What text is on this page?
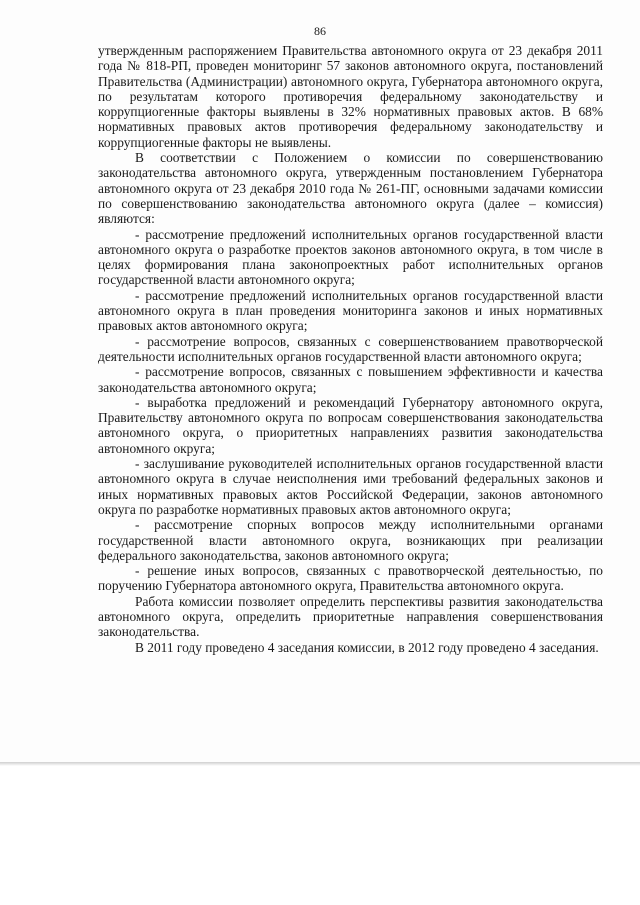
86

утвержденным распоряжением Правительства автономного округа от 23 декабря 2011 года № 818-РП, проведен мониторинг 57 законов автономного округа, постановлений Правительства (Администрации) автономного округа, Губернатора автономного округа, по результатам которого противоречия федеральному законодательству и коррупциогенные факторы выявлены в 32% нормативных правовых актов. В 68% нормативных правовых актов противоречия федеральному законодательству и коррупциогенные факторы не выявлены.

В соответствии с Положением о комиссии по совершенствованию законодательства автономного округа, утвержденным постановлением Губернатора автономного округа от 23 декабря 2010 года № 261-ПГ, основными задачами комиссии по совершенствованию законодательства автономного округа (далее – комиссия) являются:

- рассмотрение предложений исполнительных органов государственной власти автономного округа о разработке проектов законов автономного округа, в том числе в целях формирования плана законопроектных работ исполнительных органов государственной власти автономного округа;

- рассмотрение предложений исполнительных органов государственной власти автономного округа в план проведения мониторинга законов и иных нормативных правовых актов автономного округа;

- рассмотрение вопросов, связанных с совершенствованием правотворческой деятельности исполнительных органов государственной власти автономного округа;

- рассмотрение вопросов, связанных с повышением эффективности и качества законодательства автономного округа;

- выработка предложений и рекомендаций Губернатору автономного округа, Правительству автономного округа по вопросам совершенствования законодательства автономного округа, о приоритетных направлениях развития законодательства автономного округа;

- заслушивание руководителей исполнительных органов государственной власти автономного округа в случае неисполнения ими требований федеральных законов и иных нормативных правовых актов Российской Федерации, законов автономного округа по разработке нормативных правовых актов автономного округа;

- рассмотрение спорных вопросов между исполнительными органами государственной власти автономного округа, возникающих при реализации федерального законодательства, законов автономного округа;

- решение иных вопросов, связанных с правотворческой деятельностью, по поручению Губернатора автономного округа, Правительства автономного округа.

Работа комиссии позволяет определить перспективы развития законодательства автономного округа, определить приоритетные направления совершенствования законодательства.

В 2011 году проведено 4 заседания комиссии, в 2012 году проведено 4 заседания.
